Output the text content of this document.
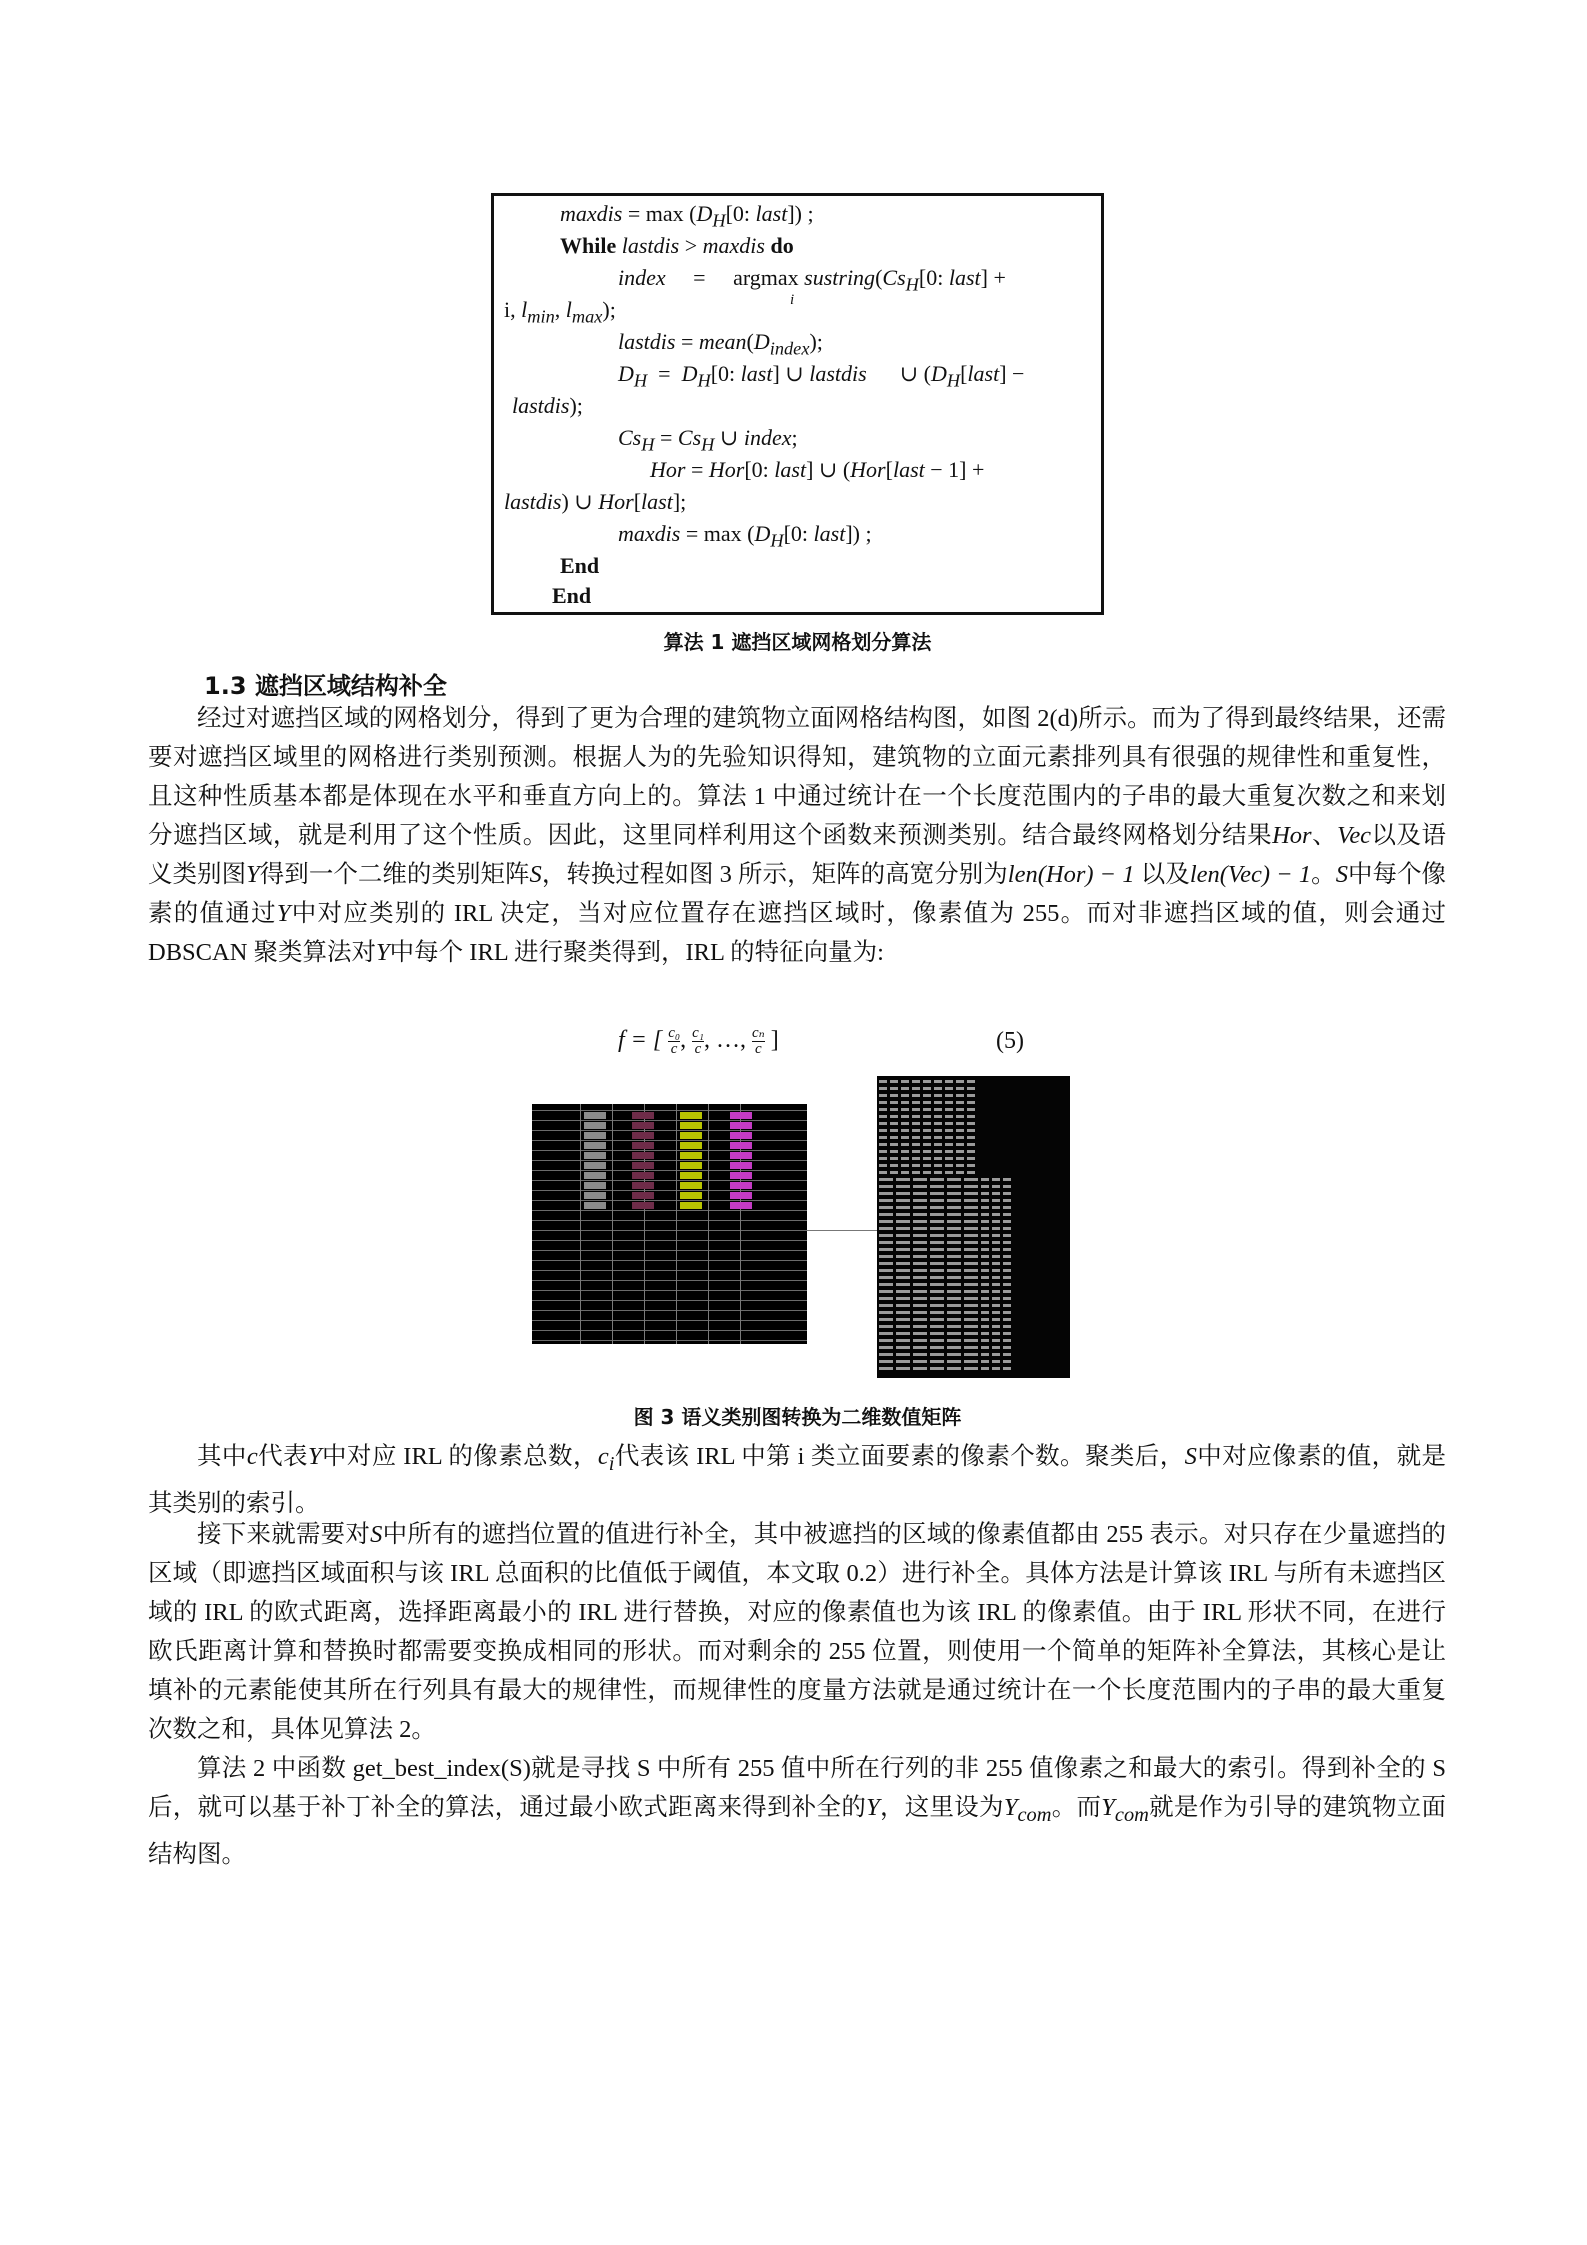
maxdis = $\max (D_H[0$: last]) ;
While lastdis > maxdis do
index     =     argmax $sustring(Cs_H[0$: last] +
i
i, $l_{min}$, $l_{max}$);
lastdis = $mean(D_{index})$;
$D_H = D_H[0$: last] ∪ lastdis      ∪ ($D_H[last]$ −
lastdis);
$Cs_H = Cs_H$ ∪ index;
Hor = Hor[0: last] ∪ (Hor[last − 1] +
lastdis) ∪ Hor[last];
maxdis = $\max (D_H[0$: last]) ;
End
End
算法 1 遮挡区域网格划分算法
1.3 遮挡区域结构补全
经过对遮挡区域的网格划分，得到了更为合理的建筑物立面网格结构图，如图 2(d)所示。而为了得到最终结果，还需要对遮挡区域里的网格进行类别预测。根据人为的先验知识得知，建筑物的立面元素排列具有很强的规律性和重复性，且这种性质基本都是体现在水平和垂直方向上的。算法 1 中通过统计在一个长度范围内的子串的最大重复次数之和来划分遮挡区域，就是利用了这个性质。因此，这里同样利用这个函数来预测类别。结合最终网格划分结果Hor、Vec以及语义类别图Y得到一个二维的类别矩阵S，转换过程如图 3 所示，矩阵的高宽分别为len(Hor) − 1 以及len(Vec) − 1。S中每个像素的值通过Y中对应类别的 IRL 决定，当对应位置存在遮挡区域时，像素值为 255。而对非遮挡区域的值，则会通过 DBSCAN 聚类算法对Y中每个 IRL 进行聚类得到，IRL 的特征向量为:
f = [ $\frac{\text{c₀}}{c}$, $\frac{\text{c₁}}{c}$, …, $\frac{\text{cₙ}}{c}$ ]	(5)
图 3 语义类别图转换为二维数值矩阵
其中c代表Y中对应 IRL 的像素总数，$c_i$代表该 IRL 中第 i 类立面要素的像素个数。聚类后，S中对应像素的值，就是其类别的索引。
接下来就需要对S中所有的遮挡位置的值进行补全，其中被遮挡的区域的像素值都由 255 表示。对只存在少量遮挡的区域（即遮挡区域面积与该 IRL 总面积的比值低于阈值，本文取 0.2）进行补全。具体方法是计算该 IRL 与所有未遮挡区域的 IRL 的欧式距离，选择距离最小的 IRL 进行替换，对应的像素值也为该 IRL 的像素值。由于 IRL 形状不同，在进行欧氏距离计算和替换时都需要变换成相同的形状。而对剩余的 255 位置，则使用一个简单的矩阵补全算法，其核心是让填补的元素能使其所在行列具有最大的规律性，而规律性的度量方法就是通过统计在一个长度范围内的子串的最大重复次数之和，具体见算法 2。
算法 2 中函数 get_best_index(S)就是寻找 S 中所有 255 值中所在行列的非 255 值像素之和最大的索引。得到补全的 S 后，就可以基于补丁补全的算法，通过最小欧式距离来得到补全的Y，这里设为$Y_{com}$。而$Y_{com}$就是作为引导的建筑物立面结构图。
